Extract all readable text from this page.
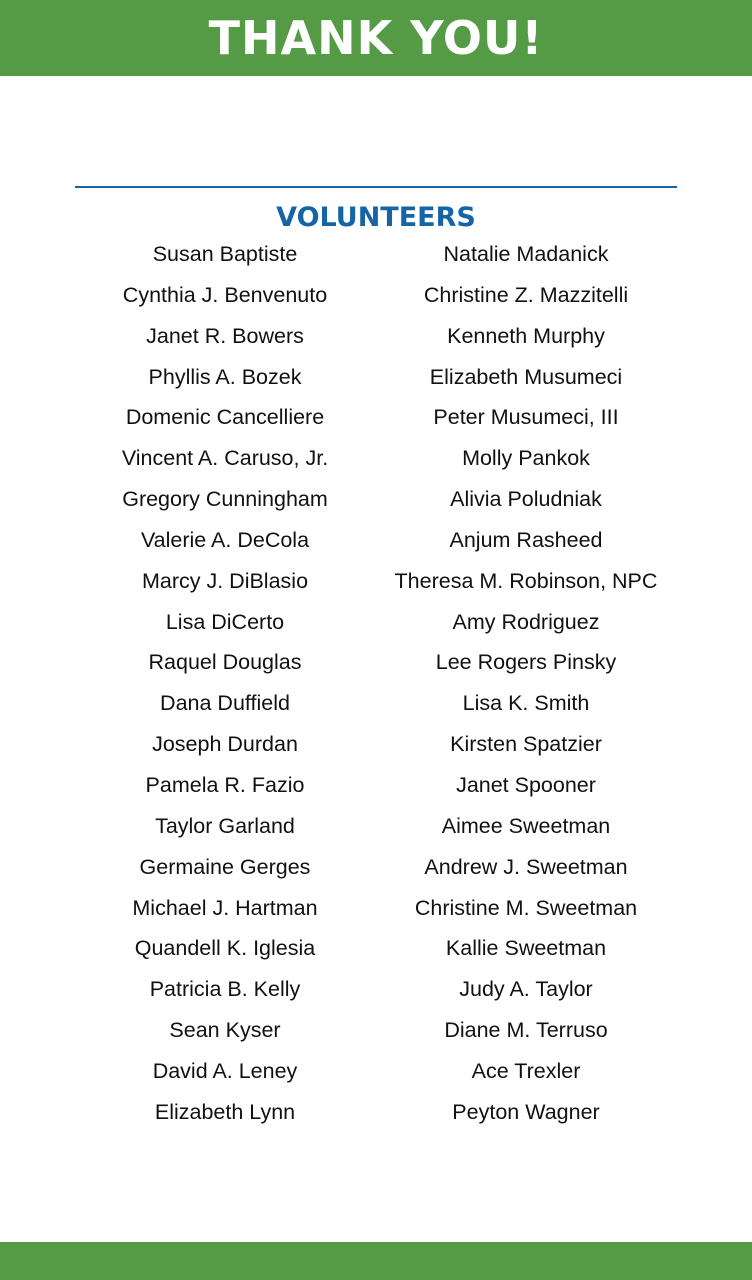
THANK YOU!
VOLUNTEERS
Susan Baptiste
Cynthia J. Benvenuto
Janet R. Bowers
Phyllis A. Bozek
Domenic Cancelliere
Vincent A. Caruso, Jr.
Gregory Cunningham
Valerie A. DeCola
Marcy J. DiBlasio
Lisa DiCerto
Raquel Douglas
Dana Duffield
Joseph Durdan
Pamela R. Fazio
Taylor Garland
Germaine Gerges
Michael J. Hartman
Quandell K. Iglesia
Patricia B. Kelly
Sean Kyser
David A. Leney
Elizabeth Lynn
Natalie Madanick
Christine Z. Mazzitelli
Kenneth Murphy
Elizabeth Musumeci
Peter Musumeci, III
Molly Pankok
Alivia Poludniak
Anjum Rasheed
Theresa M. Robinson, NPC
Amy Rodriguez
Lee Rogers Pinsky
Lisa K. Smith
Kirsten Spatzier
Janet Spooner
Aimee Sweetman
Andrew J. Sweetman
Christine M. Sweetman
Kallie Sweetman
Judy A. Taylor
Diane M. Terruso
Ace Trexler
Peyton Wagner
